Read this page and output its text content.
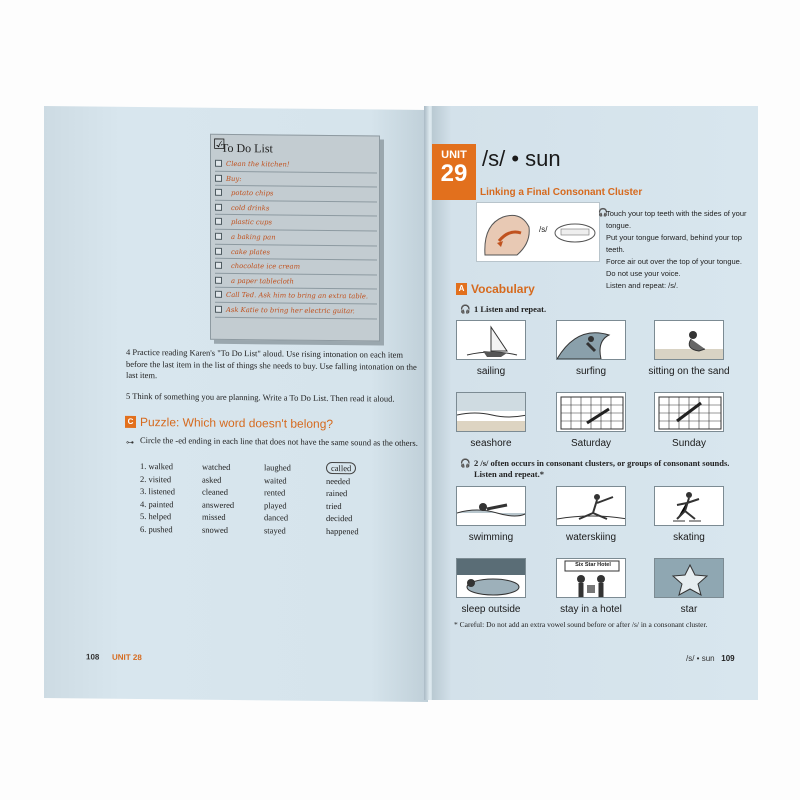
☑
To Do List
Clean the kitchen!
Buy:
potato chips
cold drinks
plastic cups
a baking pan
cake plates
chocolate ice cream
a paper tablecloth
Call Ted. Ask him to bring an extra table.
Ask Katie to bring her electric guitar.
4 Practice reading Karen's "To Do List" aloud. Use rising intonation on each item before the last item in the list of things she needs to buy. Use falling intonation on the last item.
5 Think of something you are planning. Write a To Do List. Then read it aloud.
C Puzzle: Which word doesn't belong?
⊶ Circle the -ed ending in each line that does not have the same sound as the others.
1. walked	watched	laughed	called
2. visited	asked	waited	needed
3. listened	cleaned	rented	rained
4. painted	answered	played	tried
5. helped	missed	danced	decided
6. pushed	snowed	stayed	happened
108 UNIT 28
UNIT
29
/s/ • sun
Linking a Final Consonant Cluster
/s/
🎧
Touch your top teeth with the sides of your tongue.
Put your tongue forward, behind your top teeth.
Force air out over the top of your tongue.
Do not use your voice.
Listen and repeat: /s/.
A Vocabulary
🎧 1 Listen and repeat.
🎧 2 /s/ often occurs in consonant clusters, or groups of consonant sounds. Listen and repeat.*
sailing	surfing	sitting on the sand
seashore	Saturday	Sunday
swimming	waterskiing	skating
sleep outside
Six Star Hotel
stay in a hotel	star
* Careful: Do not add an extra vowel sound before or after /s/ in a consonant cluster.
/s/ • sun 109
